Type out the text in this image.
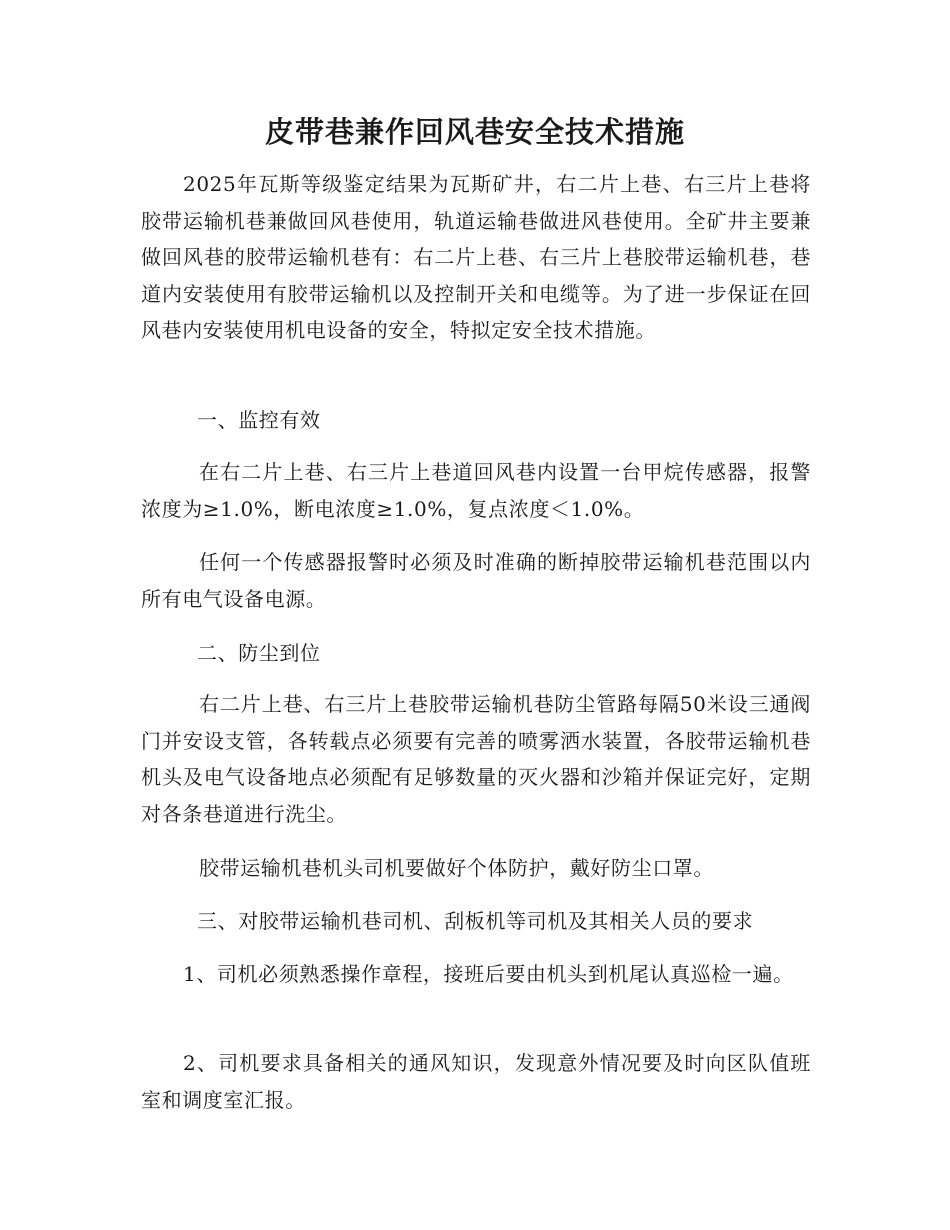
皮带巷兼作回风巷安全技术措施

2025年瓦斯等级鉴定结果为瓦斯矿井，右二片上巷、右三片上巷将胶带运输机巷兼做回风巷使用，轨道运输巷做进风巷使用。全矿井主要兼做回风巷的胶带运输机巷有：右二片上巷、右三片上巷胶带运输机巷，巷道内安装使用有胶带运输机以及控制开关和电缆等。为了进一步保证在回风巷内安装使用机电设备的安全，特拟定安全技术措施。

一、监控有效

在右二片上巷、右三片上巷道回风巷内设置一台甲烷传感器，报警浓度为≥1.0%，断电浓度≥1.0%，复点浓度＜1.0%。

任何一个传感器报警时必须及时准确的断掉胶带运输机巷范围以内所有电气设备电源。

二、防尘到位

右二片上巷、右三片上巷胶带运输机巷防尘管路每隔50米设三通阀门并安设支管，各转载点必须要有完善的喷雾洒水装置，各胶带运输机巷机头及电气设备地点必须配有足够数量的灭火器和沙箱并保证完好，定期对各条巷道进行洗尘。

胶带运输机巷机头司机要做好个体防护，戴好防尘口罩。

三、对胶带运输机巷司机、刮板机等司机及其相关人员的要求

1、司机必须熟悉操作章程，接班后要由机头到机尾认真巡检一遍。

2、司机要求具备相关的通风知识，发现意外情况要及时向区队值班室和调度室汇报。
